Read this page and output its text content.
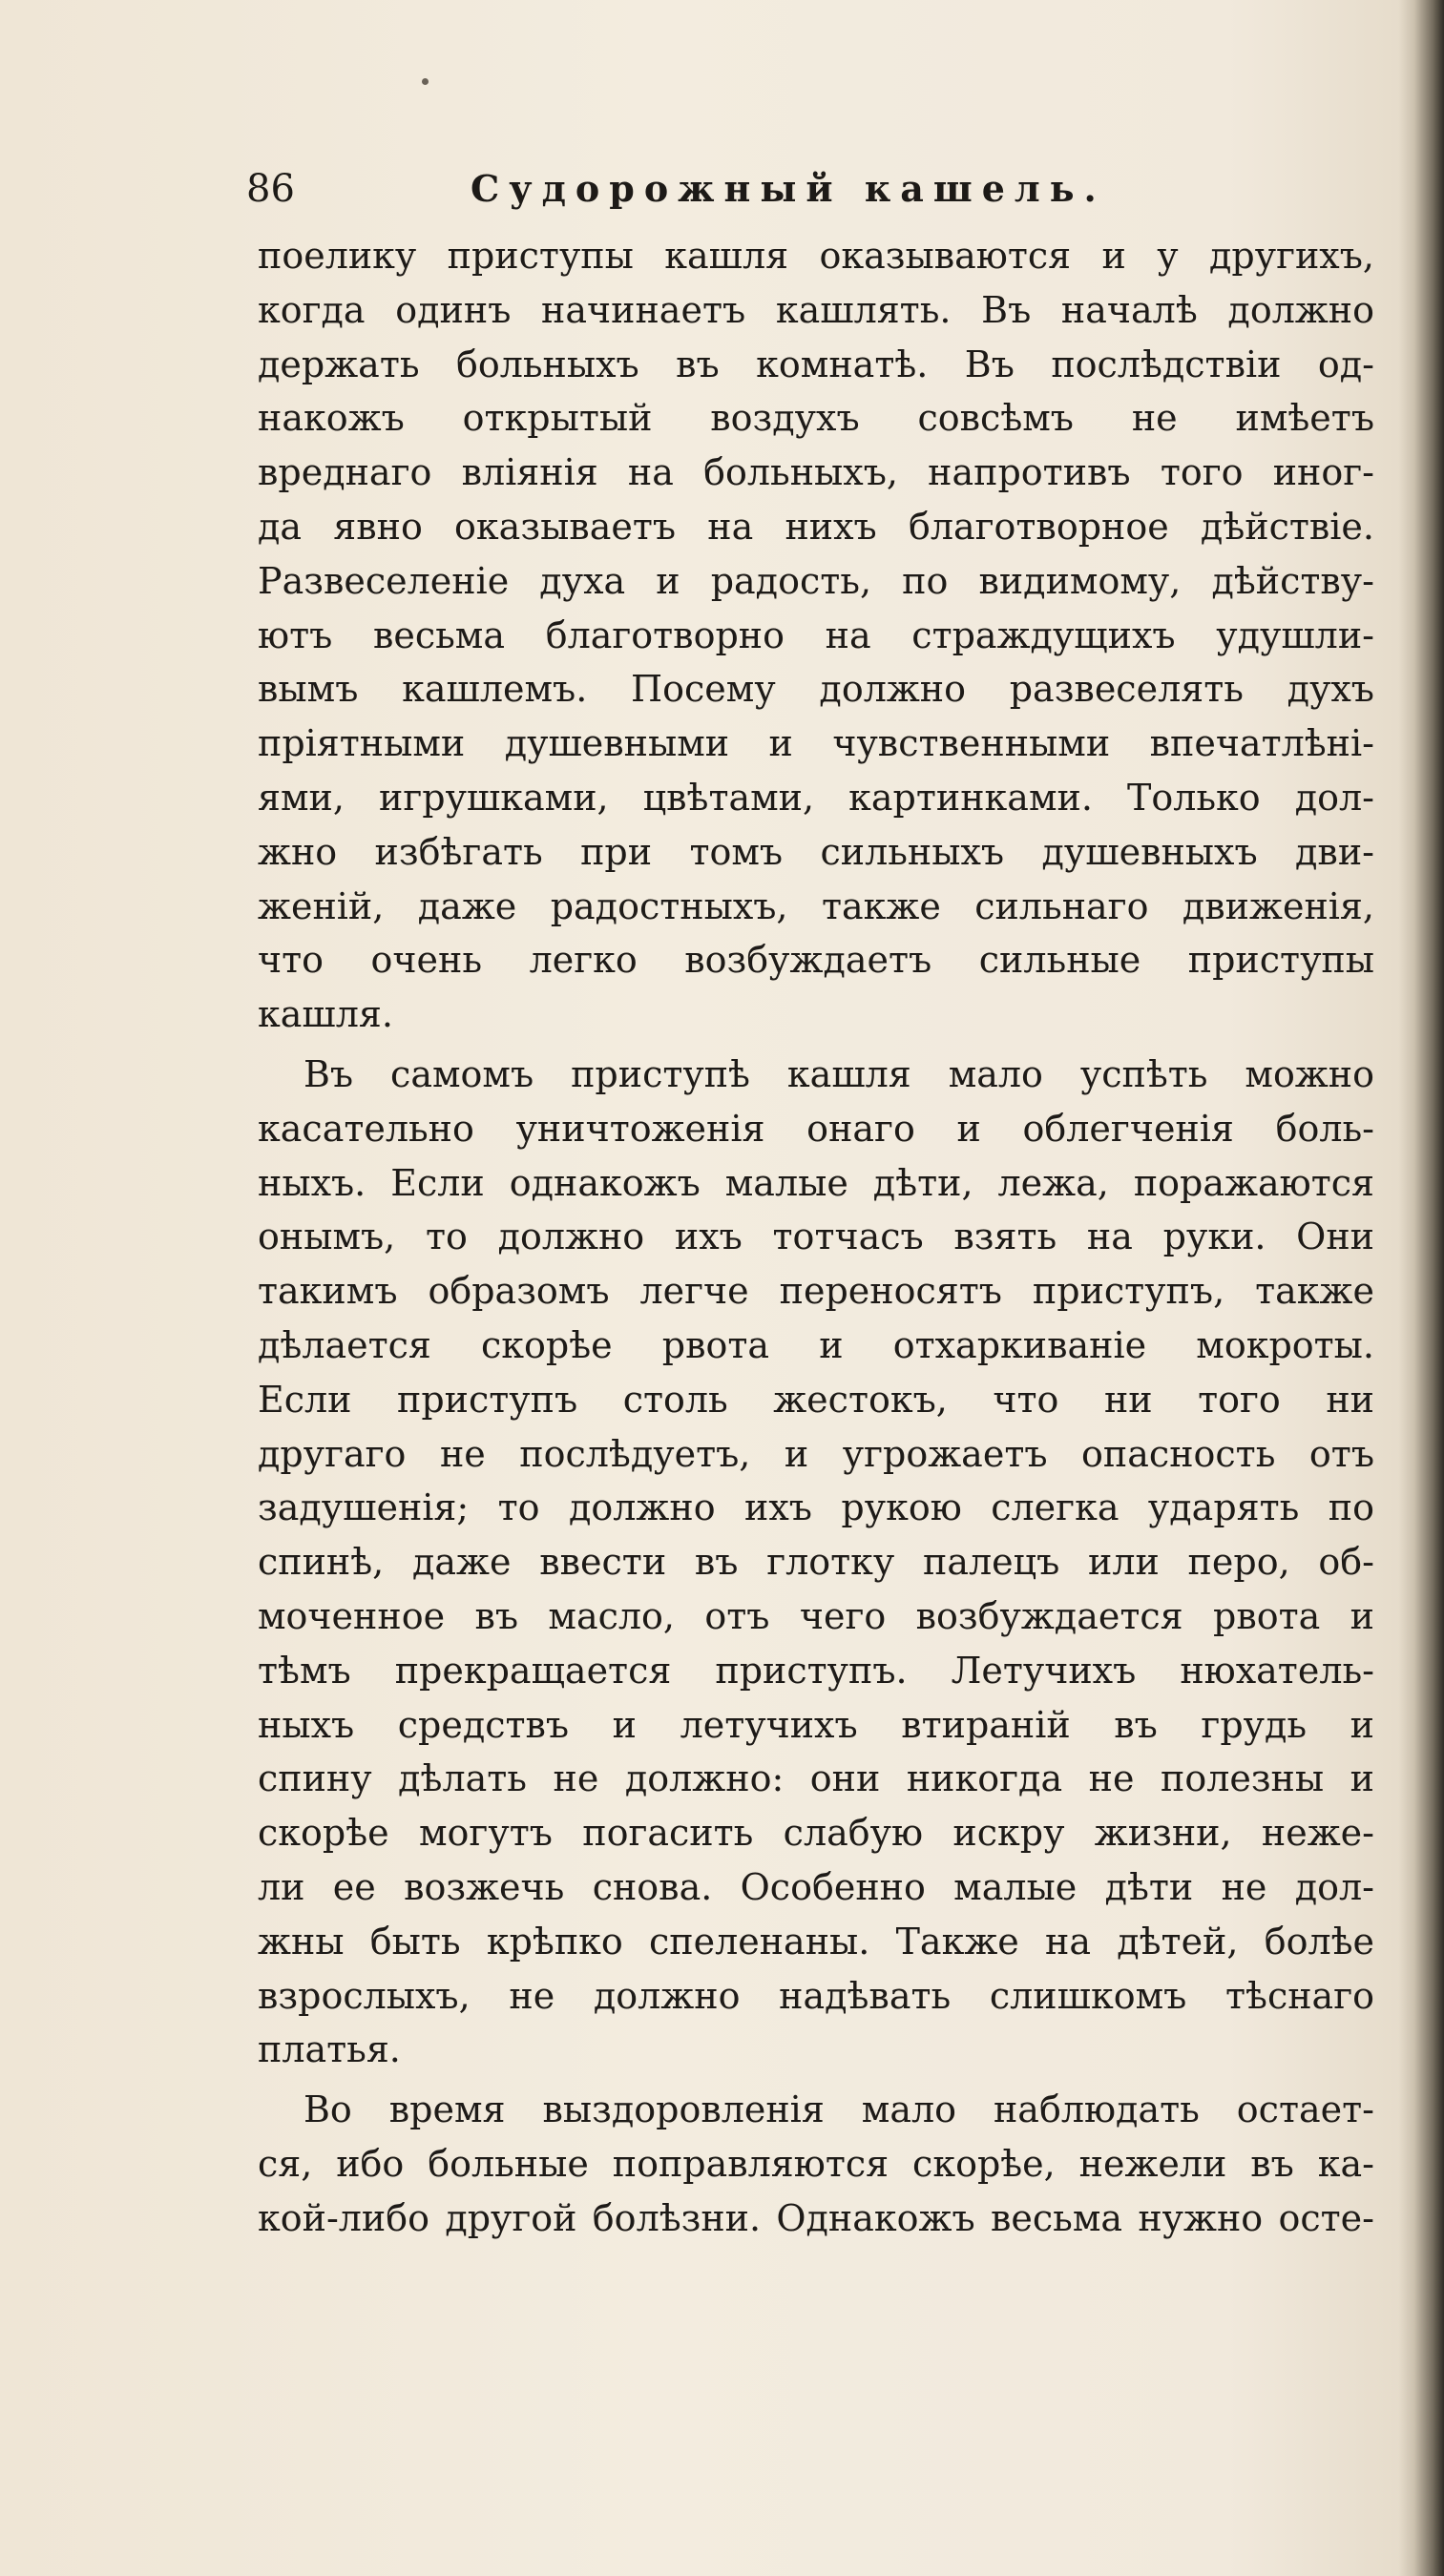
86	Судорожный кашель.
поелику приступы кашля оказываются и у другихъ,
когда одинъ начинаетъ кашлять. Въ началѣ должно
держать больныхъ въ комнатѣ. Въ послѣдствіи од-
накожъ открытый воздухъ совсѣмъ не имѣетъ
вреднаго вліянія на больныхъ, напротивъ того иног-
да явно оказываетъ на нихъ благотворное дѣйствіе.
Развеселеніе духа и радость, по видимому, дѣйству-
ютъ весьма благотворно на страждущихъ удушли-
вымъ кашлемъ. Посему должно развеселять духъ
пріятными душевными и чувственными впечатлѣні-
ями, игрушками, цвѣтами, картинками. Только дол-
жно избѣгать при томъ сильныхъ душевныхъ дви-
женій, даже радостныхъ, также сильнаго движенія,
что очень легко возбуждаетъ сильные приступы
кашля.
Въ самомъ приступѣ кашля мало успѣть можно
касательно уничтоженія онаго и облегченія боль-
ныхъ. Если однакожъ малые дѣти, лежа, поражаются
онымъ, то должно ихъ тотчасъ взять на руки. Они
такимъ образомъ легче переносятъ приступъ, также
дѣлается скорѣе рвота и отхаркиваніе мокроты.
Если приступъ столь жестокъ, что ни того ни
другаго не послѣдуетъ, и угрожаетъ опасность отъ
задушенія; то должно ихъ рукою слегка ударять по
спинѣ, даже ввести въ глотку палецъ или перо, об-
моченное въ масло, отъ чего возбуждается рвота и
тѣмъ прекращается приступъ. Летучихъ нюхатель-
ныхъ средствъ и летучихъ втираній въ грудь и
спину дѣлать не должно: они никогда не полезны и
скорѣе могутъ погасить слабую искру жизни, неже-
ли ее возжечь снова. Особенно малые дѣти не дол-
жны быть крѣпко спеленаны. Также на дѣтей, болѣе
взрослыхъ, не должно надѣвать слишкомъ тѣснаго
платья.
Во время выздоровленія мало наблюдать остает-
ся, ибо больные поправляются скорѣе, нежели въ ка-
кой-либо другой болѣзни. Однакожъ весьма нужно осте-
